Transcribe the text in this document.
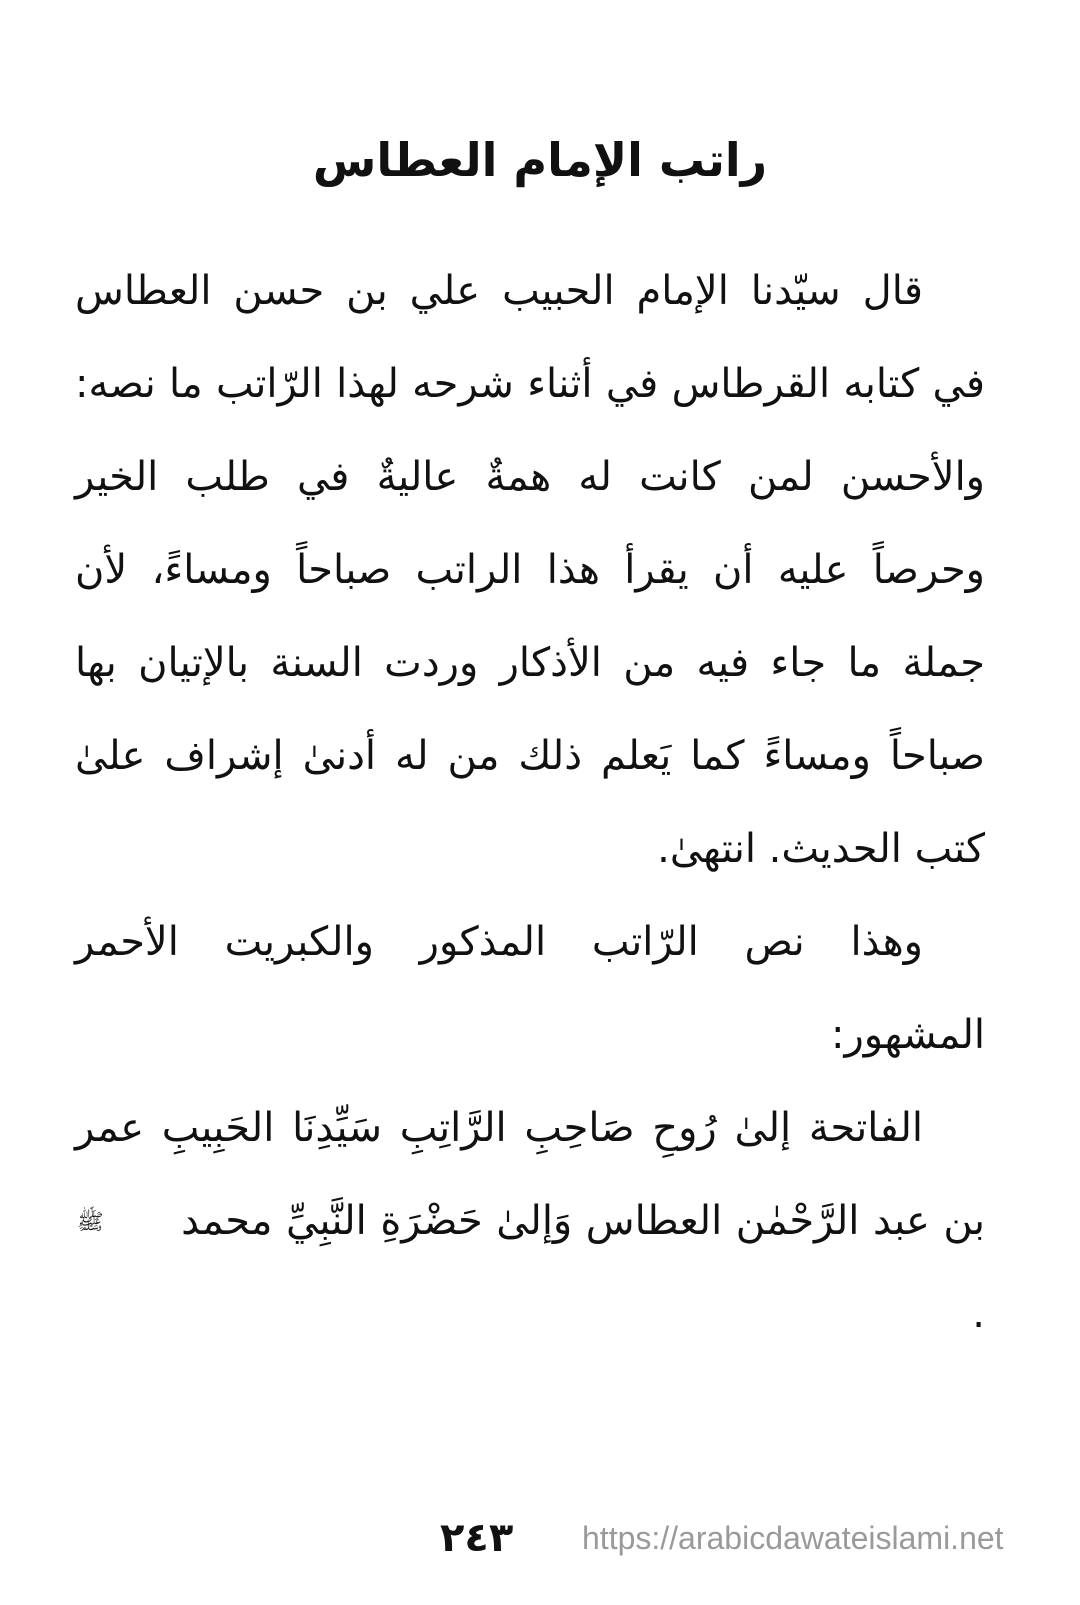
راتب الإمام العطاس

قال سيّدنا الإمام الحبيب علي بن حسن العطاس في كتابه القرطاس في أثناء شرحه لهذا الرّاتب ما نصه: والأحسن لمن كانت له همةٌ عاليةٌ في طلب الخير وحرصاً عليه أن يقرأ هذا الراتب صباحاً ومساءً، لأن جملة ما جاء فيه من الأذكار وردت السنة بالإتيان بها صباحاً ومساءً كما يَعلم ذلك من له أدنىٰ إشراف علىٰ كتب الحديث. انتهىٰ.

وهذا نص الرّاتب المذكور والكبريت الأحمر المشهور:

الفاتحة إلىٰ رُوحِ صَاحِبِ الرَّاتِبِ سَيِّدِنَا الحَبِيبِ عمر بن عبد الرَّحْمٰن العطاس وَإلىٰ حَضْرَةِ النَّبِيِّ محمد ﷺ .

٢٤٣ https://arabicdawateislami.net
